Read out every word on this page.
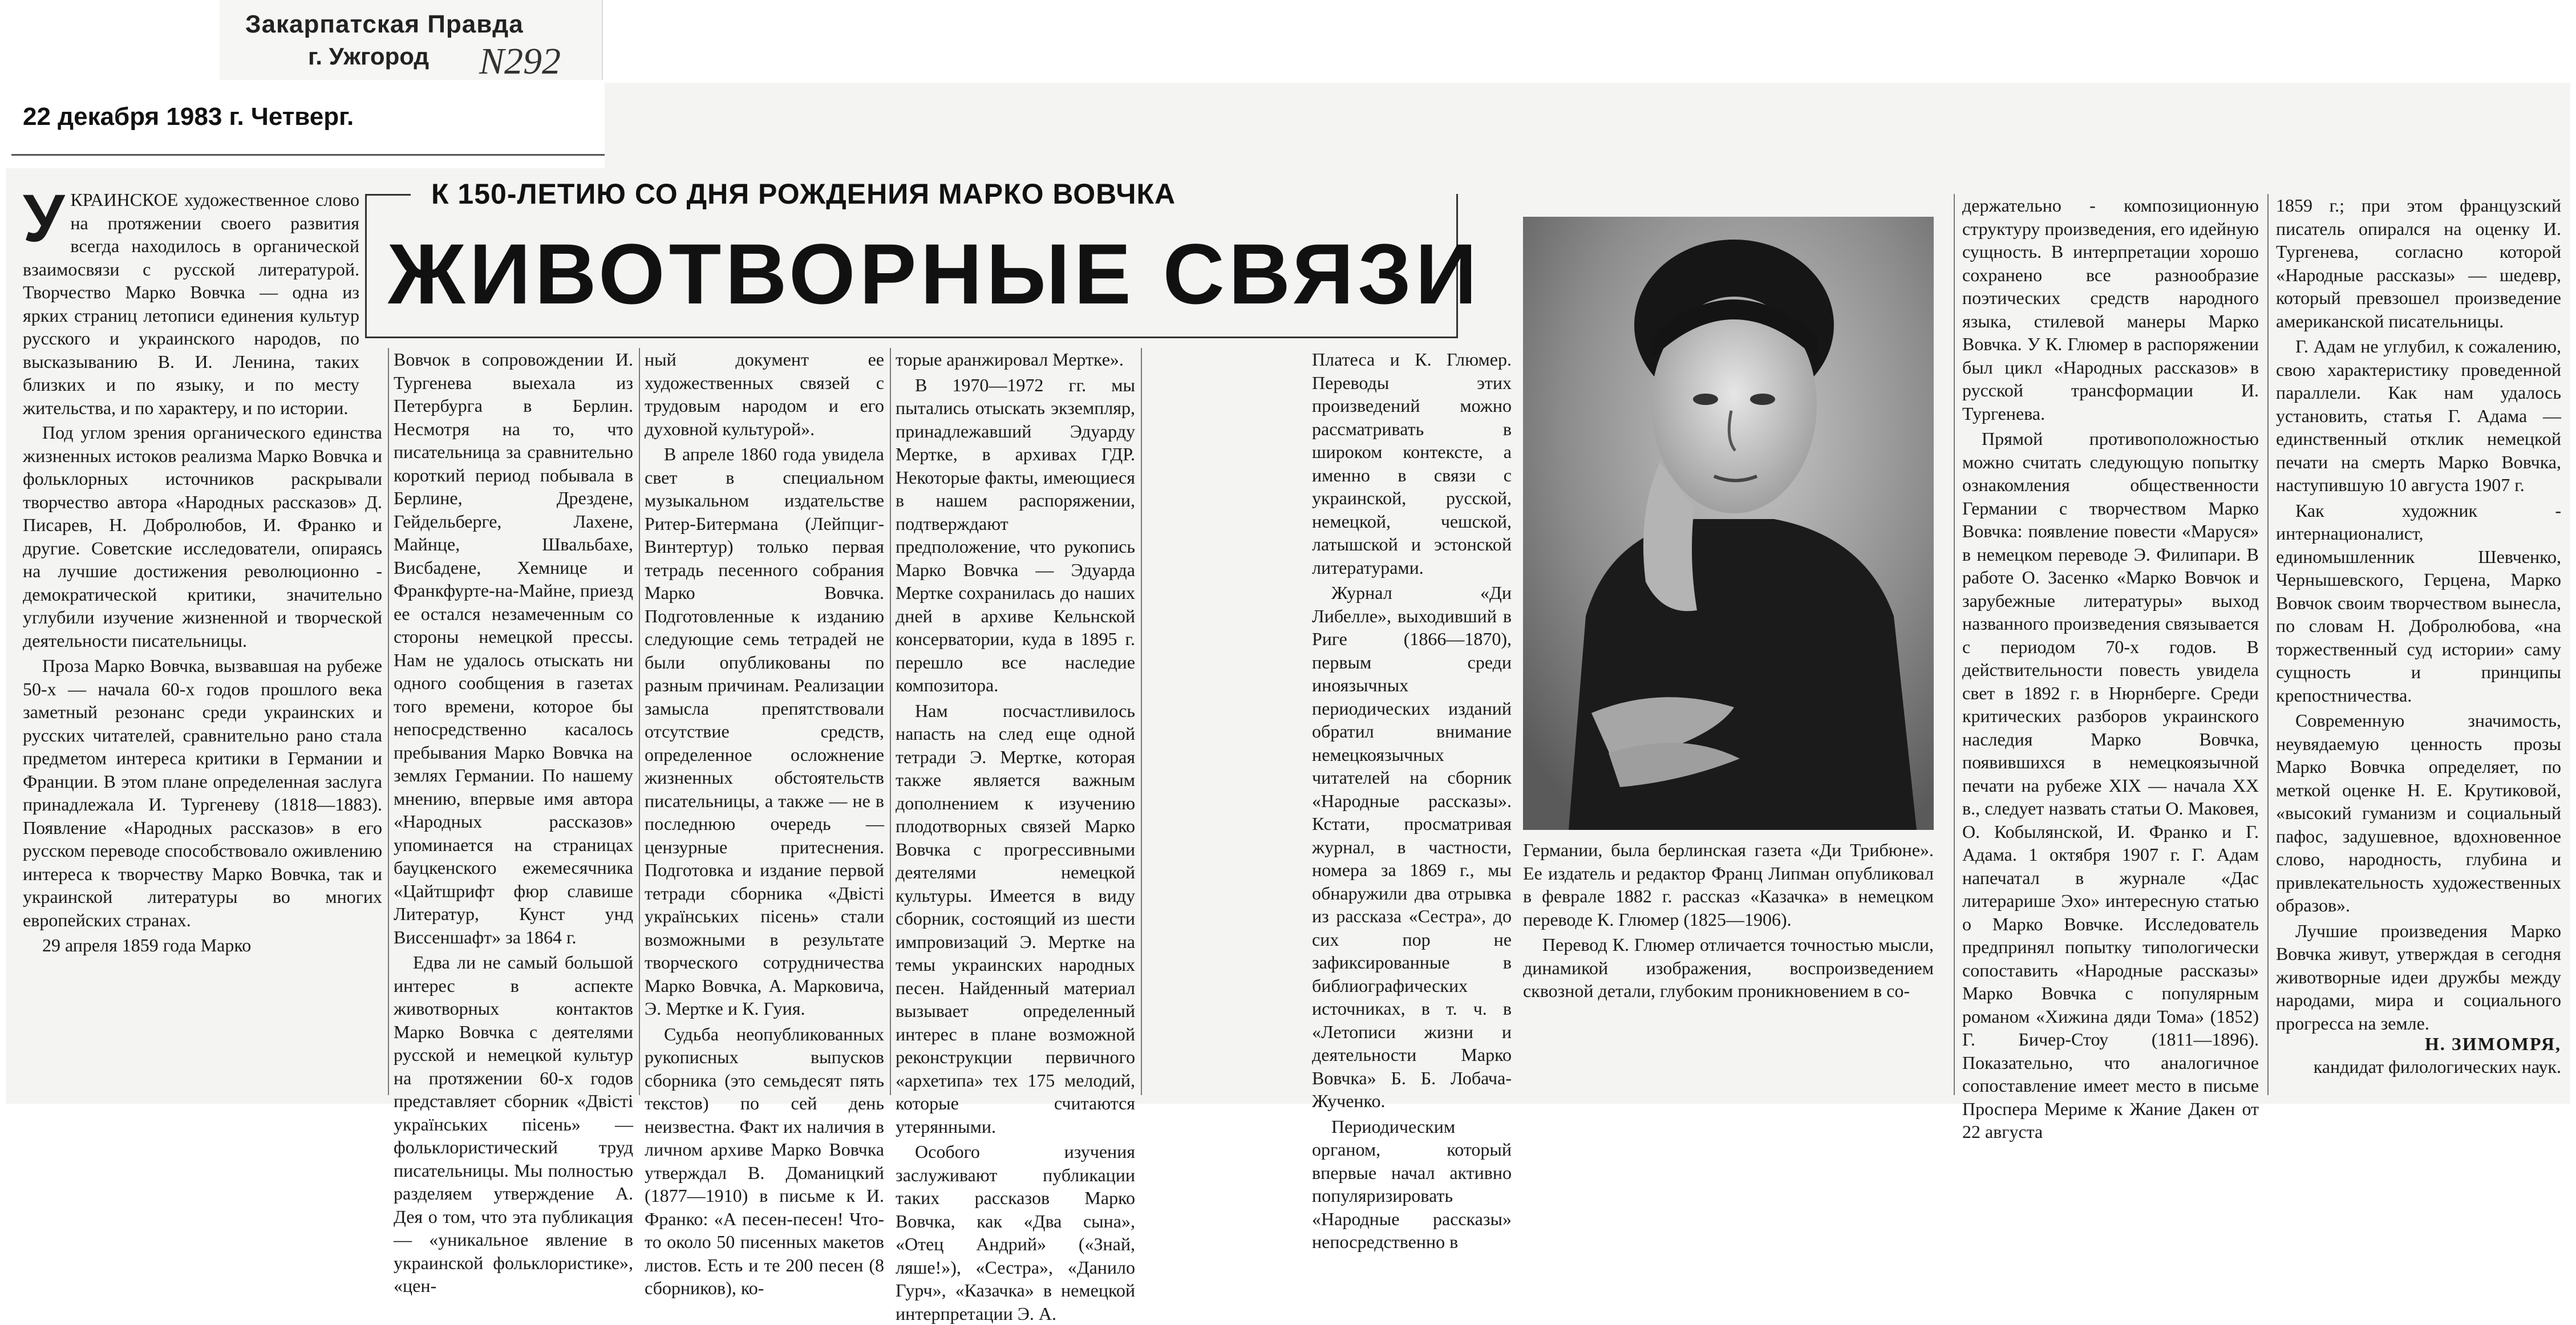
Закарпатская Правда
г. Ужгород N292
22 декабря 1983 г. Четверг.
К 150-ЛЕТИЮ СО ДНЯ РОЖДЕНИЯ МАРКО ВОВЧКА
ЖИВОТВОРНЫЕ СВЯЗИ

УКРАИНСКОЕ художественное слово на протяжении своего развития всегда находилось в органической взаимосвязи с русской литературой. Творчество Марко Вовчка — одна из ярких страниц летописи единения культур русского и украинского народов, по высказыванию В. И. Ленина, таких близких и по языку, и по месту жительства, и по характеру, и по истории.

Под углом зрения органического единства жизненных истоков реализма Марко Вовчка и фольклорных источников раскрывали творчество автора «Народных рассказов» Д. Писарев, Н. Добролюбов, И. Франко и другие. Советские исследователи, опираясь на лучшие достижения революционно - демократической критики, значительно углубили изучение жизненной и творческой деятельности писательницы.

Проза Марко Вовчка, вызвавшая на рубеже 50-х — начала 60-х годов прошлого века заметный резонанс среди украинских и русских читателей, сравнительно рано стала предметом интереса критики в Германии и Франции. В этом плане определенная заслуга принадлежала И. Тургеневу (1818—1883). Появление «Народных рассказов» в его русском переводе способствовало оживлению интереса к творчеству Марко Вовчка, так и украинской литературы во многих европейских странах.

29 апреля 1859 года Марко

Вовчок в сопровождении И. Тургенева выехала из Петербурга в Берлин. Несмотря на то, что писательница за сравнительно короткий период побывала в Берлине, Дрездене, Гейдельберге, Лахене, Майнце, Швальбахе, Висбадене, Хемнице и Франкфурте-на-Майне, приезд ее остался незамеченным со стороны немецкой прессы. Нам не удалось отыскать ни одного сообщения в газетах того времени, которое бы непосредственно касалось пребывания Марко Вовчка на землях Германии. По нашему мнению, впервые имя автора «Народных рассказов» упоминается на страницах бауцкенского ежемесячника «Цайтшрифт фюр славише Литератур, Кунст унд Виссеншафт» за 1864 г.

Едва ли не самый большой интерес в аспекте животворных контактов Марко Вовчка с деятелями русской и немецкой культур на протяжении 60-х годов представляет сборник «Двісті українських пісень» — фольклористический труд писательницы. Мы полностью разделяем утверждение А. Дея о том, что эта публикация — «уникальное явление в украинской фольклористике», «цен-

ный документ ее художественных связей с трудовым народом и его духовной культурой».

В апреле 1860 года увидела свет в специальном музыкальном издательстве Ритер-Битермана (Лейпциг-Винтертур) только первая тетрадь песенного собрания Марко Вовчка. Подготовленные к изданию следующие семь тетрадей не были опубликованы по разным причинам. Реализации замысла препятствовали отсутствие средств, определенное осложнение жизненных обстоятельств писательницы, а также — не в последнюю очередь — цензурные притеснения. Подготовка и издание первой тетради сборника «Двісті українських пісень» стали возможными в результате творческого сотрудничества Марко Вовчка, А. Марковича, Э. Мертке и К. Гуия.

Судьба неопубликованных рукописных выпусков сборника (это семьдесят пять текстов) по сей день неизвестна. Факт их наличия в личном архиве Марко Вовчка утверждал В. Доманицкий (1877—1910) в письме к И. Франко: «А песен-песен! Что-то около 50 писенных макетов листов. Есть и те 200 песен (8 сборников), ко-

торые аранжировал Мертке».

В 1970—1972 гг. мы пытались отыскать экземпляр, принадлежавший Эдуарду Мертке, в архивах ГДР. Некоторые факты, имеющиеся в нашем распоряжении, подтверждают предположение, что рукопись Марко Вовчка — Эдуарда Мертке сохранилась до наших дней в архиве Кельнской консерватории, куда в 1895 г. перешло все наследие композитора.

Нам посчастливилось напасть на след еще одной тетради Э. Мертке, которая также является важным дополнением к изучению плодотворных связей Марко Вовчка с прогрессивными деятелями немецкой культуры. Имеется в виду сборник, состоящий из шести импровизаций Э. Мертке на темы украинских народных песен. Найденный материал вызывает определенный интерес в плане возможной реконструкции первичного «архетипа» тех 175 мелодий, которые считаются утерянными.

Особого изучения заслуживают публикации таких рассказов Марко Вовчка, как «Два сына», «Отец Андрий» («Знай, ляше!»), «Сестра», «Данило Гурч», «Казачка» в немецкой интерпретации Э. А.

Платеса и К. Глюмер. Переводы этих произведений можно рассматривать в широком контексте, а именно в связи с украинской, русской, немецкой, чешской, латышской и эстонской литературами.

Журнал «Ди Либелле», выходивший в Риге (1866—1870), первым среди иноязычных периодических изданий обратил внимание немецкоязычных читателей на сборник «Народные рассказы». Кстати, просматривая журнал, в частности, номера за 1869 г., мы обнаружили два отрывка из рассказа «Сестра», до сих пор не зафиксированные в библиографических источниках, в т. ч. в «Летописи жизни и деятельности Марко Вовчка» Б. Б. Лобача-Жученко.

Периодическим органом, который впервые начал активно популяризировать «Народные рассказы» непосредственно в

Германии, была берлинская газета «Ди Трибюне». Ее издатель и редактор Франц Липман опубликовал в феврале 1882 г. рассказ «Казачка» в немецком переводе К. Глюмер (1825—1906).

Перевод К. Глюмер отличается точностью мысли, динамикой изображения, воспроизведением сквозной детали, глубоким проникновением в со-

держательно - композиционную структуру произведения, его идейную сущность. В интерпретации хорошо сохранено все разнообразие поэтических средств народного языка, стилевой манеры Марко Вовчка. У К. Глюмер в распоряжении был цикл «Народных рассказов» в русской трансформации И. Тургенева.

Прямой противоположностью можно считать следующую попытку ознакомления общественности Германии с творчеством Марко Вовчка: появление повести «Маруся» в немецком переводе Э. Филипари. В работе О. Засенко «Марко Вовчок и зарубежные литературы» выход названного произведения связывается с периодом 70-х годов. В действительности повесть увидела свет в 1892 г. в Нюрнберге. Среди критических разборов украинского наследия Марко Вовчка, появившихся в немецкоязычной печати на рубеже XIX — начала XX в., следует назвать статьи О. Маковея, О. Кобылянской, И. Франко и Г. Адама. 1 октября 1907 г. Г. Адам напечатал в журнале «Дас литерарише Эхо» интересную статью о Марко Вовчке. Исследователь предпринял попытку типологически сопоставить «Народные рассказы» Марко Вовчка с популярным романом «Хижина дяди Тома» (1852) Г. Бичер-Стоу (1811—1896). Показательно, что аналогичное сопоставление имеет место в письме Проспера Мериме к Жание Дакен от 22 августа

1859 г.; при этом французский писатель опирался на оценку И. Тургенева, согласно которой «Народные рассказы» — шедевр, который превзошел произведение американской писательницы.

Г. Адам не углубил, к сожалению, свою характеристику проведенной параллели. Как нам удалось установить, статья Г. Адама — единственный отклик немецкой печати на смерть Марко Вовчка, наступившую 10 августа 1907 г.

Как художник - интернационалист, единомышленник Шевченко, Чернышевского, Герцена, Марко Вовчок своим творчеством вынесла, по словам Н. Добролюбова, «на торжественный суд истории» саму сущность и принципы крепостничества.

Современную значимость, неувядаемую ценность прозы Марко Вовчка определяет, по меткой оценке Н. Е. Крутиковой, «высокий гуманизм и социальный пафос, задушевное, вдохновенное слово, народность, глубина и привлекательность художественных образов».

Лучшие произведения Марко Вовчка живут, утверждая в сегодня животворные идеи дружбы между народами, мира и социального прогресса на земле.

Н. ЗИМОМРЯ,
кандидат филологических наук.
